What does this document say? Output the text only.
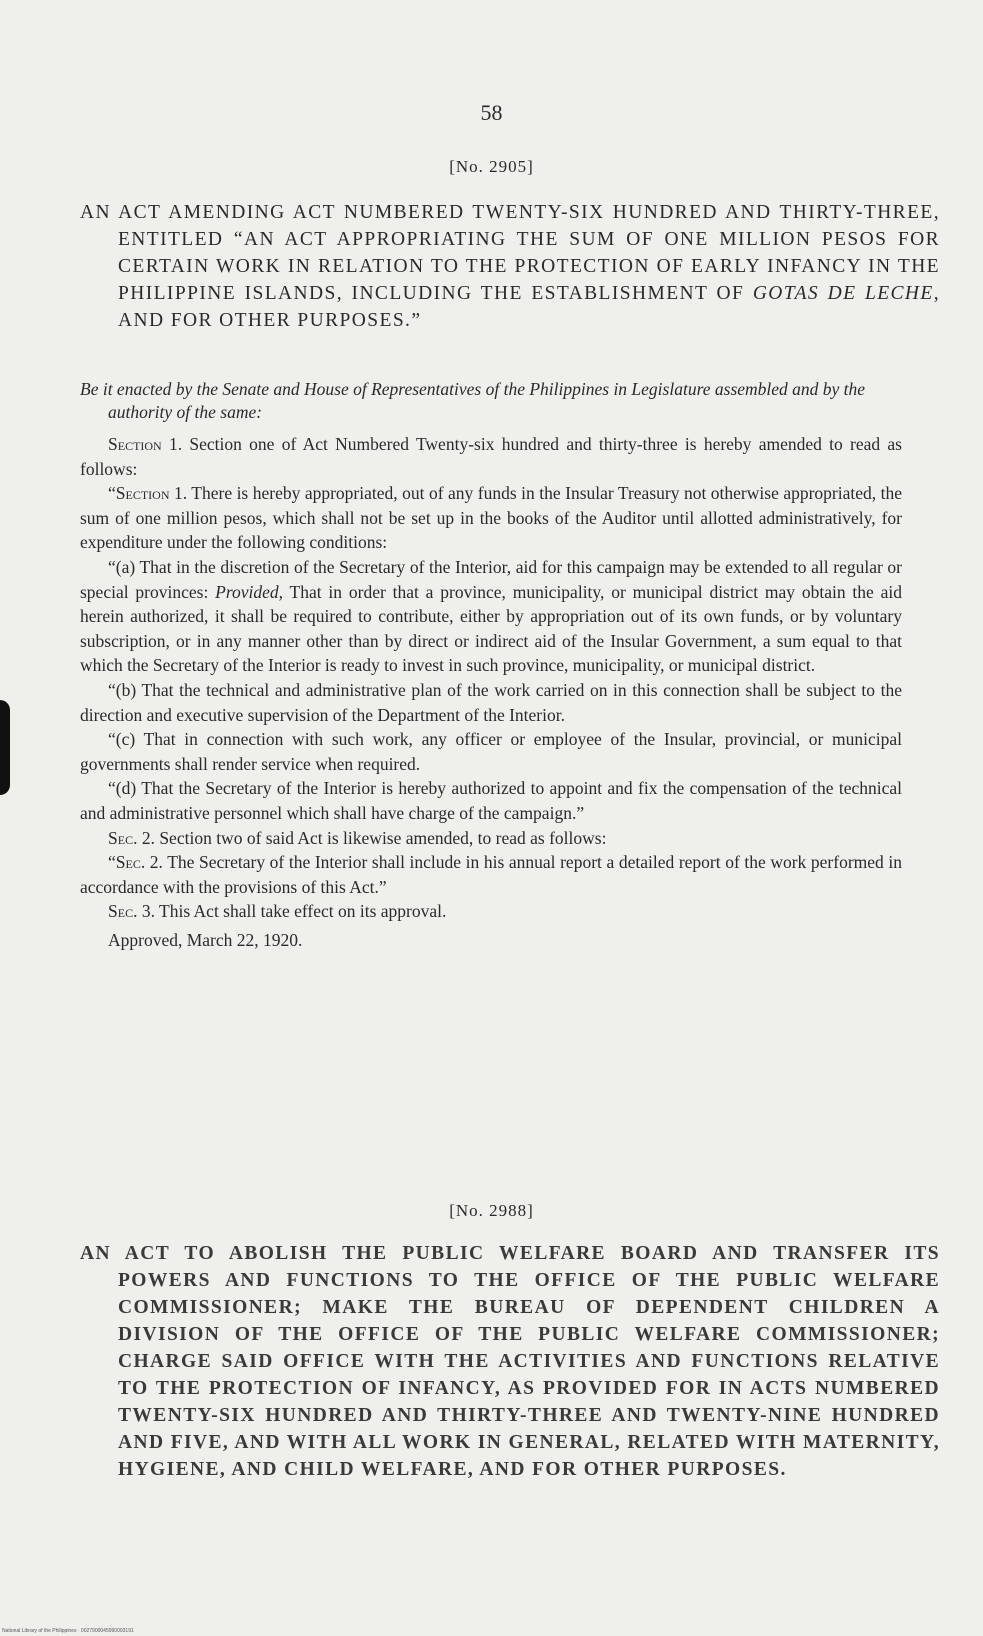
58
[No. 2905]
AN ACT AMENDING ACT NUMBERED TWENTY-SIX HUNDRED AND THIRTY-THREE, ENTITLED “AN ACT APPROPRIATING THE SUM OF ONE MILLION PESOS FOR CERTAIN WORK IN RELATION TO THE PROTECTION OF EARLY INFANCY IN THE PHILIPPINE ISLANDS, INCLUDING THE ESTABLISHMENT OF GOTAS DE LECHE, AND FOR OTHER PURPOSES.”
Be it enacted by the Senate and House of Representatives of the Philippines in Legislature assembled and by the authority of the same:

Section 1. Section one of Act Numbered Twenty-six hundred and thirty-three is hereby amended to read as follows:

“Section 1. There is hereby appropriated, out of any funds in the Insular Treasury not otherwise appropriated, the sum of one million pesos, which shall not be set up in the books of the Auditor until allotted administratively, for expenditure under the following conditions:

“(a) That in the discretion of the Secretary of the Interior, aid for this campaign may be extended to all regular or special provinces: Provided, That in order that a province, municipality, or municipal district may obtain the aid herein authorized, it shall be required to contribute, either by appropriation out of its own funds, or by voluntary subscription, or in any manner other than by direct or indirect aid of the Insular Government, a sum equal to that which the Secretary of the Interior is ready to invest in such province, municipality, or municipal district.

“(b) That the technical and administrative plan of the work carried on in this connection shall be subject to the direction and executive supervision of the Department of the Interior.

“(c) That in connection with such work, any officer or employee of the Insular, provincial, or municipal governments shall render service when required.

“(d) That the Secretary of the Interior is hereby authorized to appoint and fix the compensation of the technical and administrative personnel which shall have charge of the campaign.”

Sec. 2. Section two of said Act is likewise amended, to read as follows:

“Sec. 2. The Secretary of the Interior shall include in his annual report a detailed report of the work performed in accordance with the provisions of this Act.”

Sec. 3. This Act shall take effect on its approval.

Approved, March 22, 1920.

[No. 2988]
AN ACT TO ABOLISH THE PUBLIC WELFARE BOARD AND TRANSFER ITS POWERS AND FUNCTIONS TO THE OFFICE OF THE PUBLIC WELFARE COMMISSIONER; MAKE THE BUREAU OF DEPENDENT CHILDREN A DIVISION OF THE OFFICE OF THE PUBLIC WELFARE COMMISSIONER; CHARGE SAID OFFICE WITH THE ACTIVITIES AND FUNCTIONS RELATIVE TO THE PROTECTION OF INFANCY, AS PROVIDED FOR IN ACTS NUMBERED TWENTY-SIX HUNDRED AND THIRTY-THREE AND TWENTY-NINE HUNDRED AND FIVE, AND WITH ALL WORK IN GENERAL, RELATED WITH MATERNITY, HYGIENE, AND CHILD WELFARE, AND FOR OTHER PURPOSES.
National Library of the Philippines · 0027900045990093191
